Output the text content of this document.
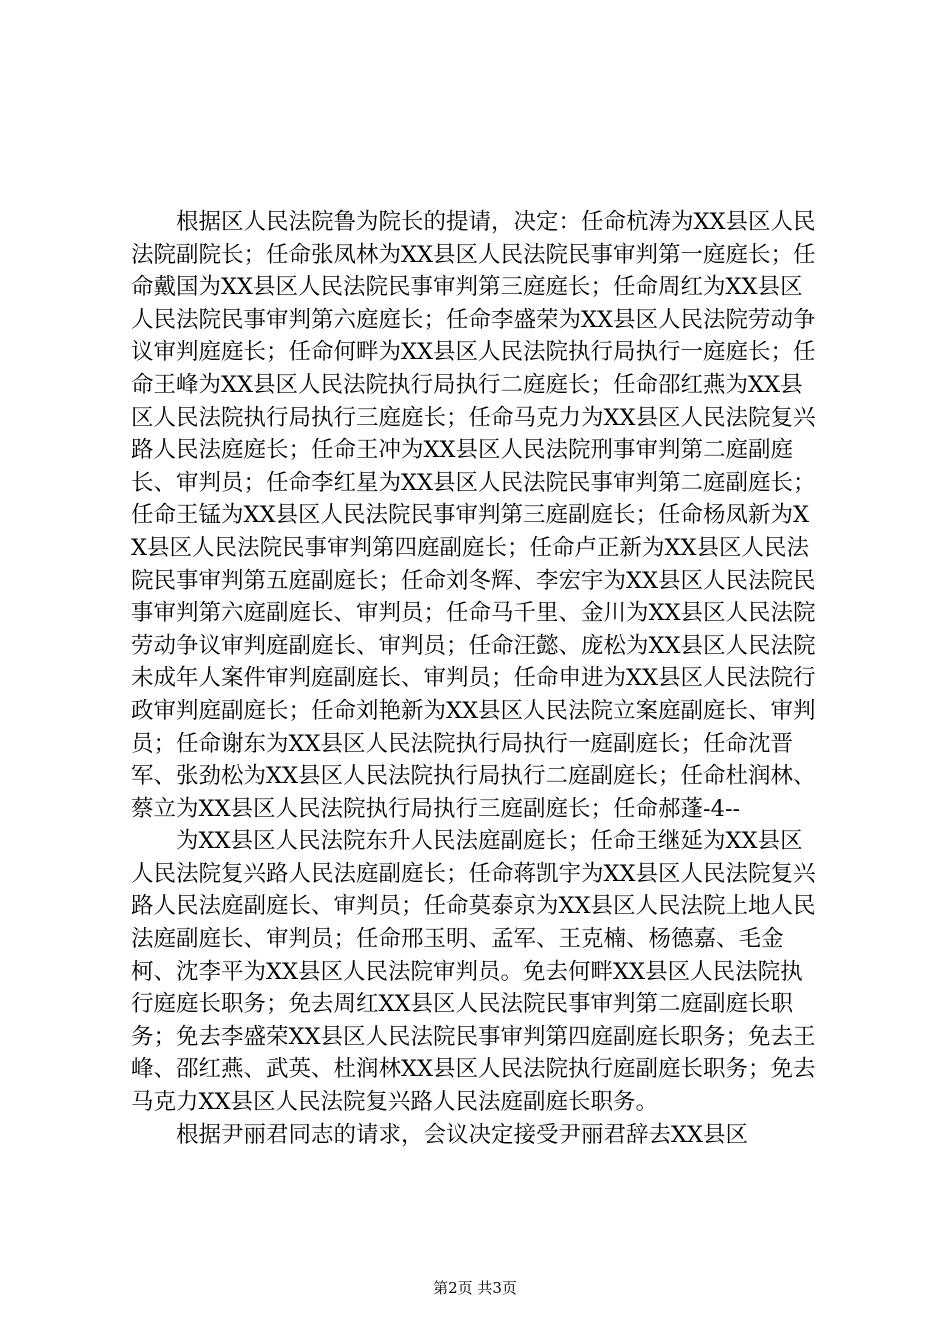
根据区人民法院鲁为院长的提请，决定：任命杭涛为XX县区人民法院副院长；任命张凤林为XX县区人民法院民事审判第一庭庭长；任命戴国为XX县区人民法院民事审判第三庭庭长；任命周红为XX县区人民法院民事审判第六庭庭长；任命李盛荣为XX县区人民法院劳动争议审判庭庭长；任命何畔为XX县区人民法院执行局执行一庭庭长；任命王峰为XX县区人民法院执行局执行二庭庭长；任命邵红燕为XX县区人民法院执行局执行三庭庭长；任命马克力为XX县区人民法院复兴路人民法庭庭长；任命王冲为XX县区人民法院刑事审判第二庭副庭长、审判员；任命李红星为XX县区人民法院民事审判第二庭副庭长；任命王锰为XX县区人民法院民事审判第三庭副庭长；任命杨凤新为XX县区人民法院民事审判第四庭副庭长；任命卢正新为XX县区人民法院民事审判第五庭副庭长；任命刘冬辉、李宏宇为XX县区人民法院民事审判第六庭副庭长、审判员；任命马千里、金川为XX县区人民法院劳动争议审判庭副庭长、审判员；任命汪懿、庞松为XX县区人民法院未成年人案件审判庭副庭长、审判员；任命申进为XX县区人民法院行政审判庭副庭长；任命刘艳新为XX县区人民法院立案庭副庭长、审判员；任命谢东为XX县区人民法院执行局执行一庭副庭长；任命沈晋军、张劲松为XX县区人民法院执行局执行二庭副庭长；任命杜润林、蔡立为XX县区人民法院执行局执行三庭副庭长；任命郝蓬-4--

为XX县区人民法院东升人民法庭副庭长；任命王继延为XX县区人民法院复兴路人民法庭副庭长；任命蒋凯宇为XX县区人民法院复兴路人民法庭副庭长、审判员；任命莫泰京为XX县区人民法院上地人民法庭副庭长、审判员；任命邢玉明、孟军、王克楠、杨德嘉、毛金柯、沈李平为XX县区人民法院审判员。免去何畔XX县区人民法院执行庭庭长职务；免去周红XX县区人民法院民事审判第二庭副庭长职务；免去李盛荣XX县区人民法院民事审判第四庭副庭长职务；免去王峰、邵红燕、武英、杜润林XX县区人民法院执行庭副庭长职务；免去马克力XX县区人民法院复兴路人民法庭副庭长职务。

根据尹丽君同志的请求，会议决定接受尹丽君辞去XX县区

第2页 共3页
